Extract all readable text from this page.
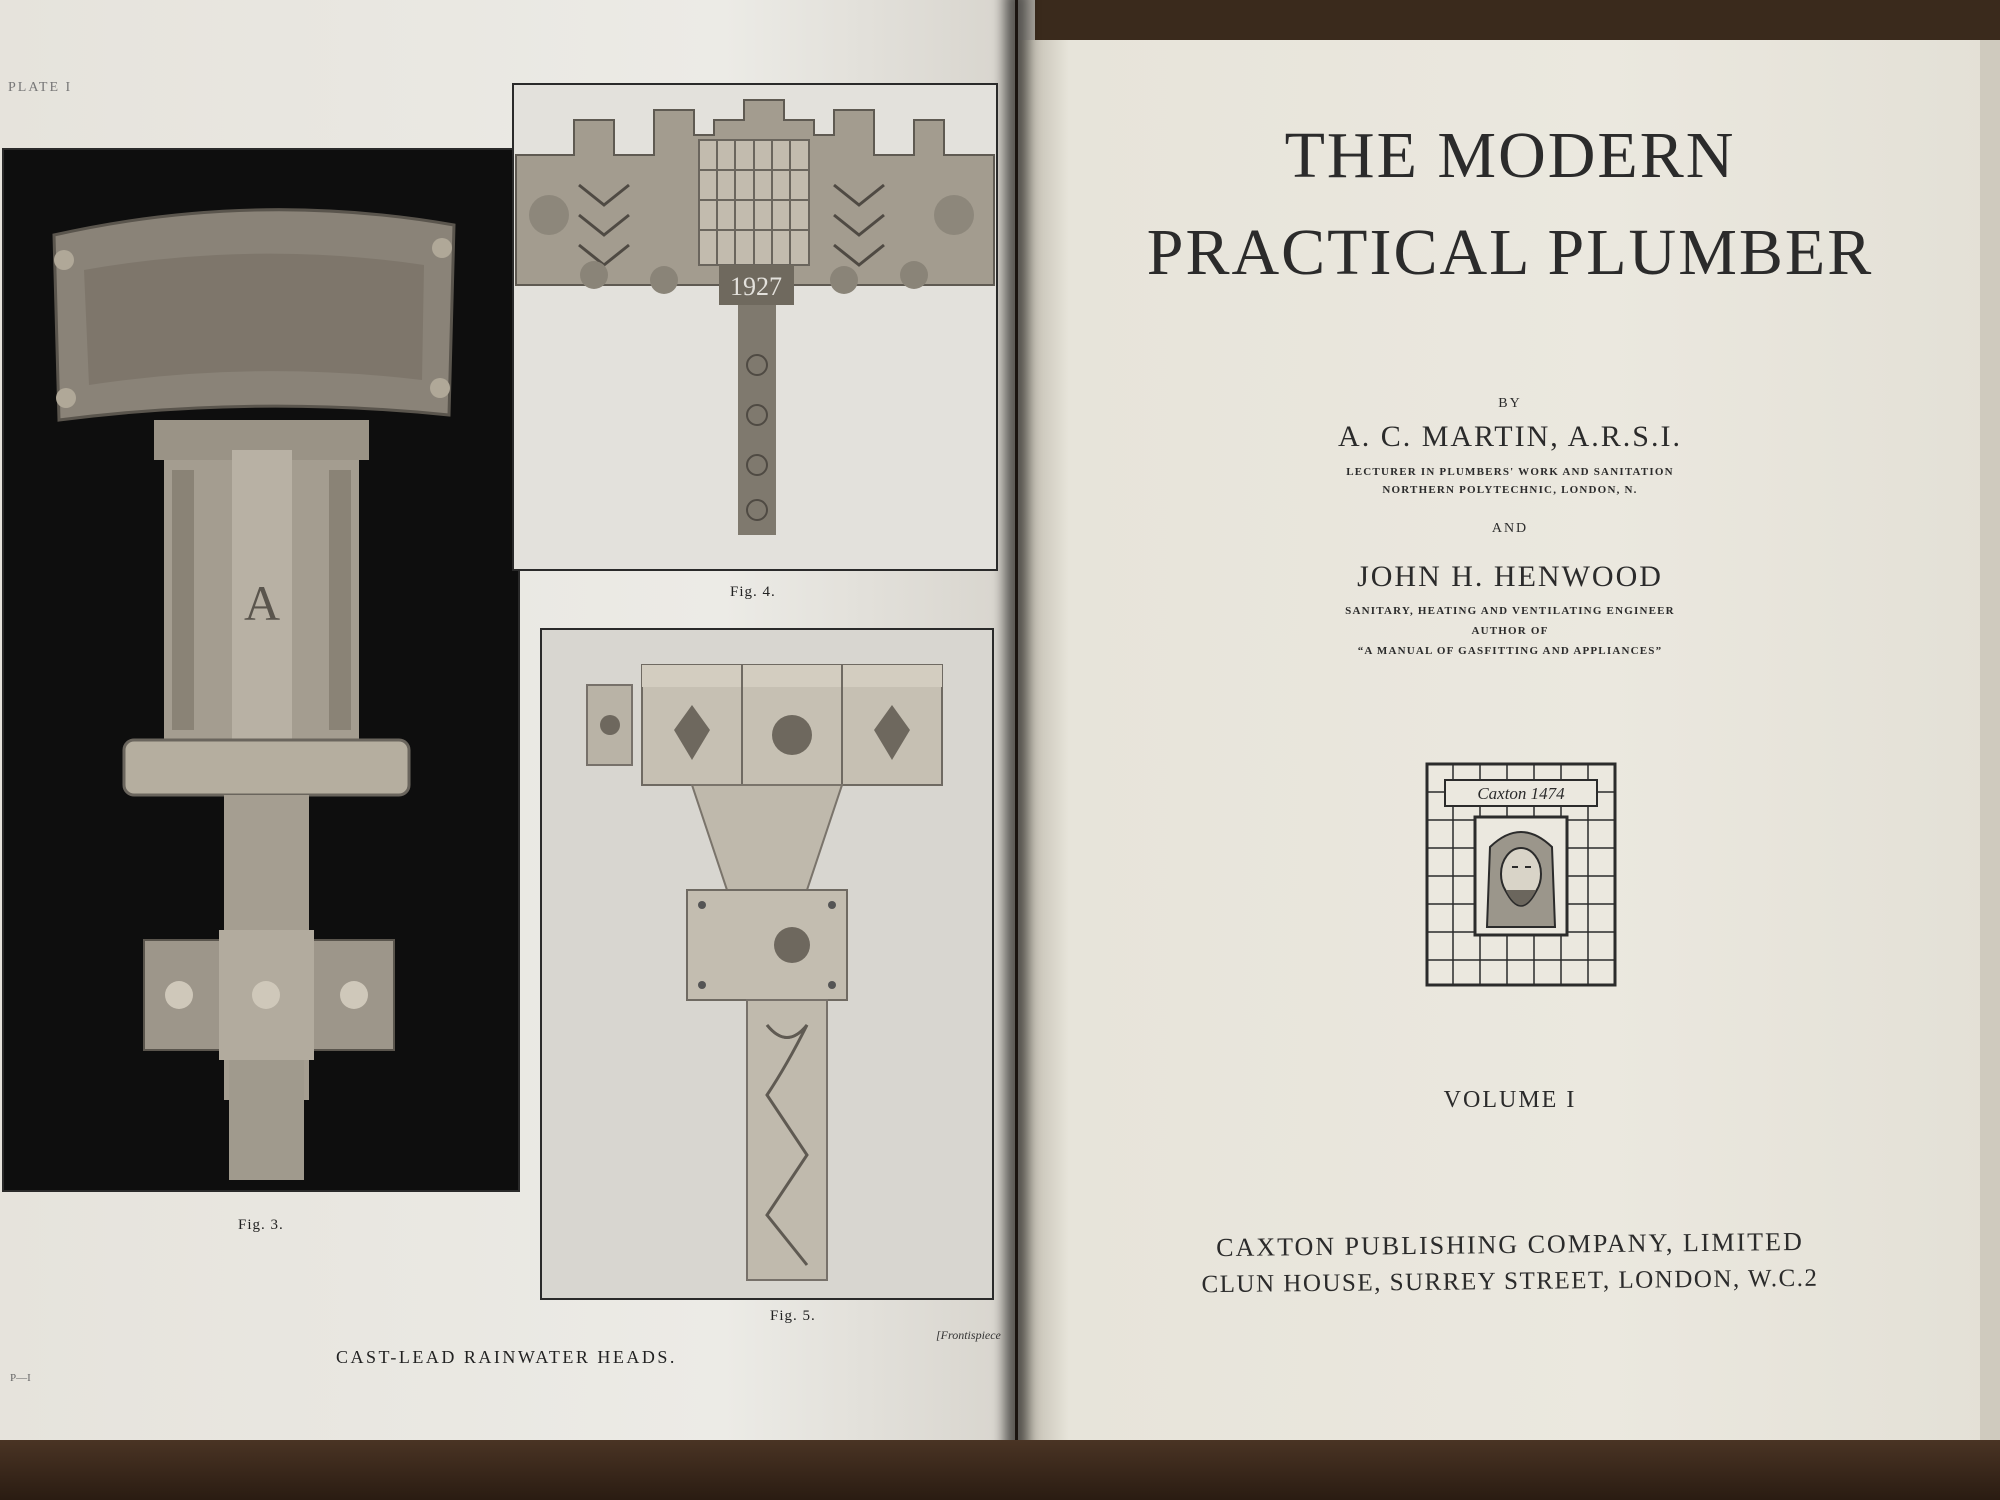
PLATE I
A
Fig. 3.
1927
Fig. 4.
Fig. 5.
CAST-LEAD RAINWATER HEADS.
[Frontispiece
P—I
THE MODERN
PRACTICAL PLUMBER
BY
A. C. MARTIN, A.R.S.I.
LECTURER IN PLUMBERS' WORK AND SANITATION
NORTHERN POLYTECHNIC, LONDON, N.
AND
JOHN H. HENWOOD
SANITARY, HEATING AND VENTILATING ENGINEER
AUTHOR OF
“A MANUAL OF GASFITTING AND APPLIANCES”
Caxton 1474
VOLUME I
CAXTON PUBLISHING COMPANY, LIMITED
CLUN HOUSE, SURREY STREET, LONDON, W.C.2
